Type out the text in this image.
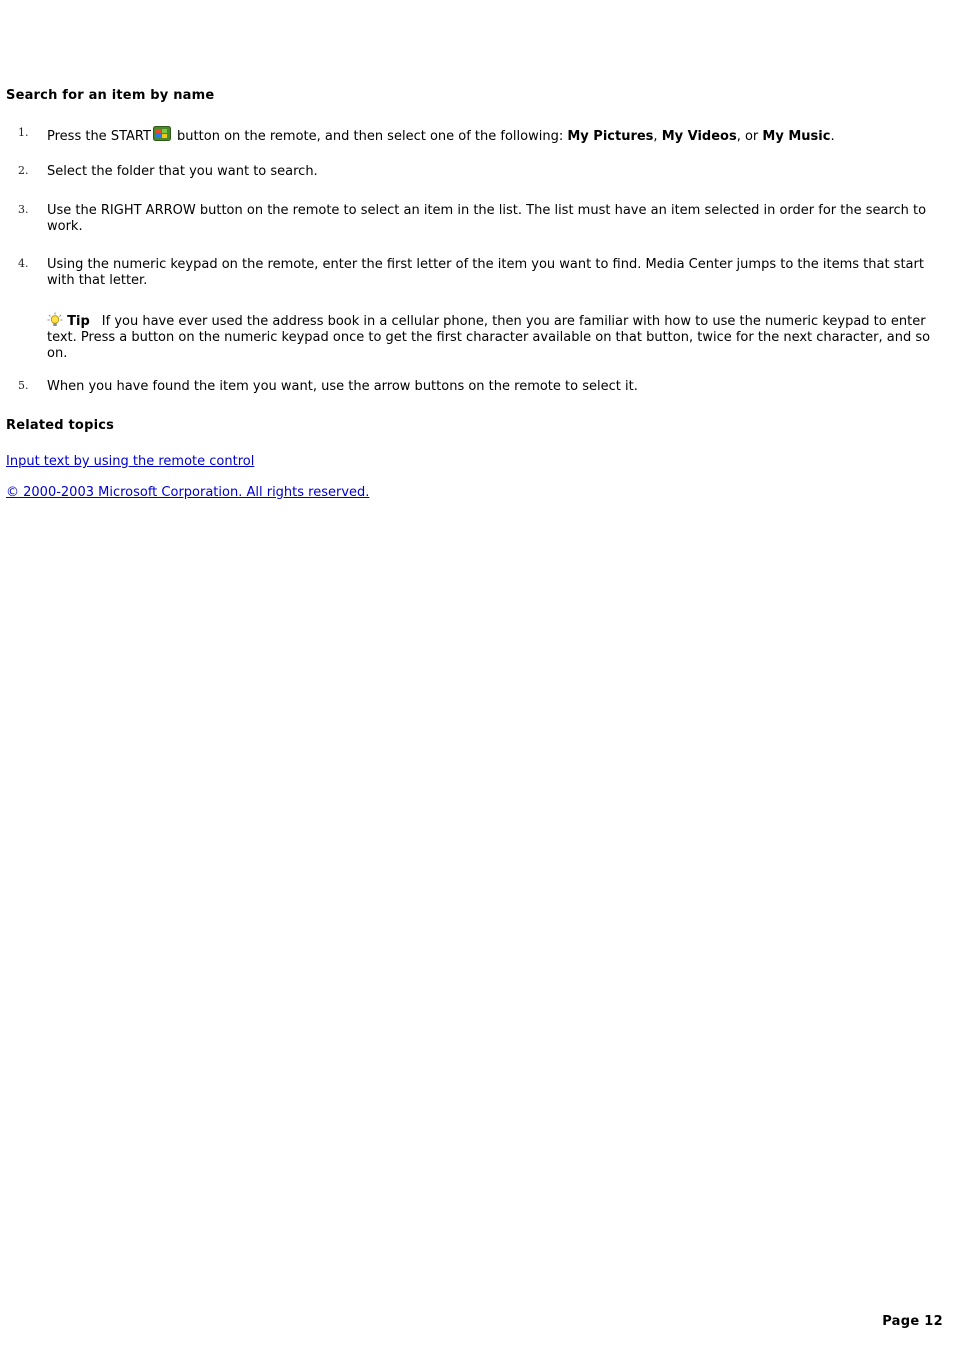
Search for an item by name
1. Press the START button on the remote, and then select one of the following: My Pictures, My Videos, or My Music.
2. Select the folder that you want to search.
3. Use the RIGHT ARROW button on the remote to select an item in the list. The list must have an item selected in order for the search to work.
4. Using the numeric keypad on the remote, enter the first letter of the item you want to find. Media Center jumps to the items that start with that letter.
Tip If you have ever used the address book in a cellular phone, then you are familiar with how to use the numeric keypad to enter text. Press a button on the numeric keypad once to get the first character available on that button, twice for the next character, and so on.
5. When you have found the item you want, use the arrow buttons on the remote to select it.
Related topics
Input text by using the remote control
© 2000-2003 Microsoft Corporation. All rights reserved.
Page 12
